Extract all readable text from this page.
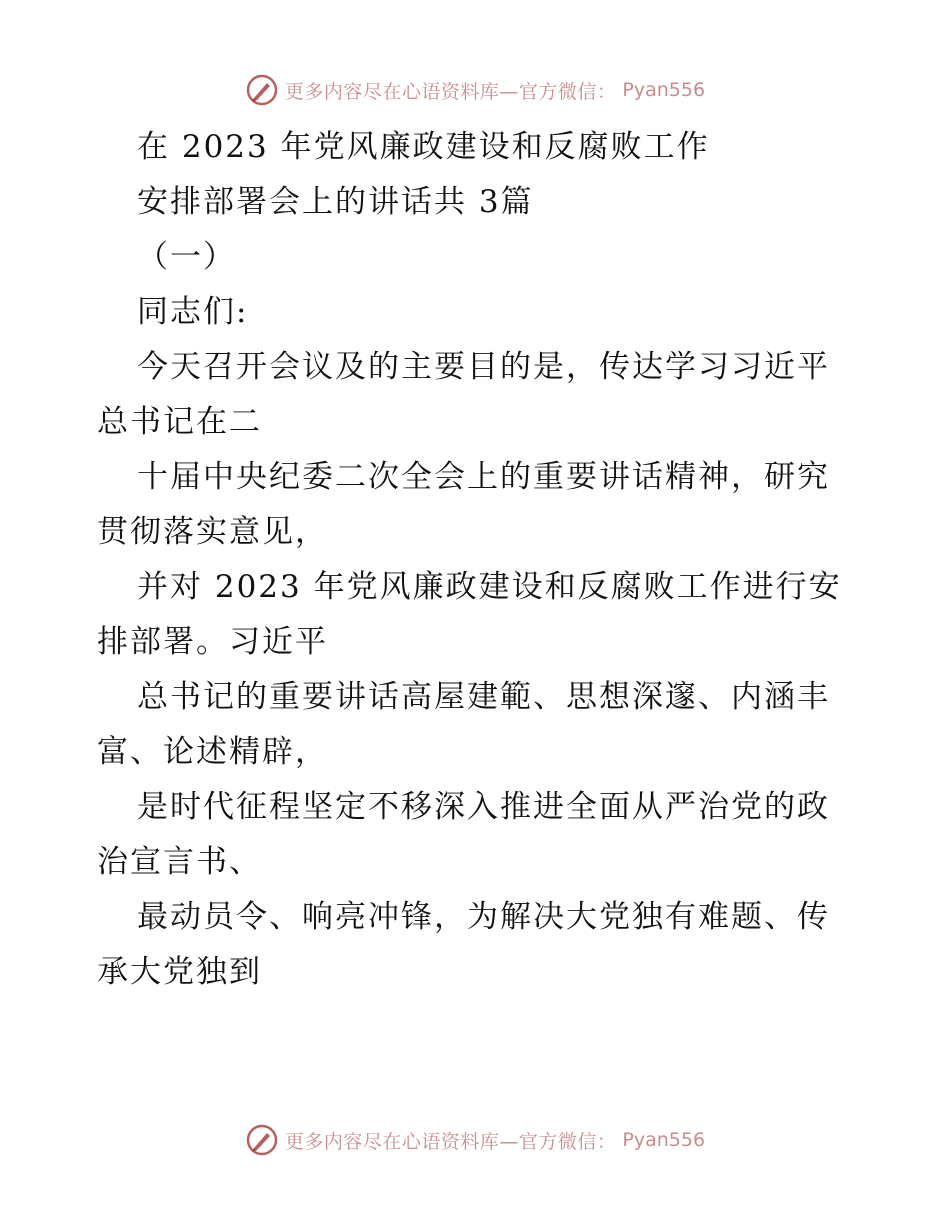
更多内容尽在心语资料库—官方微信： Pyan556
在 2023 年党风廉政建设和反腐败工作
安排部署会上的讲话共 3篇
（一）
同志们:
今天召开会议及的主要目的是，传达学习习近平
总书记在二
十届中央纪委二次全会上的重要讲话精神，研究
贯彻落实意见，
并对 2023 年党风廉政建设和反腐败工作进行安
排部署。习近平
总书记的重要讲话高屋建範、思想深邃、内涵丰
富、论述精辟，
是时代征程坚定不移深入推进全面从严治党的政
治宣言书、
最动员令、响亮冲锋，为解决大党独有难题、传
承大党独到
更多内容尽在心语资料库—官方微信： Pyan556
